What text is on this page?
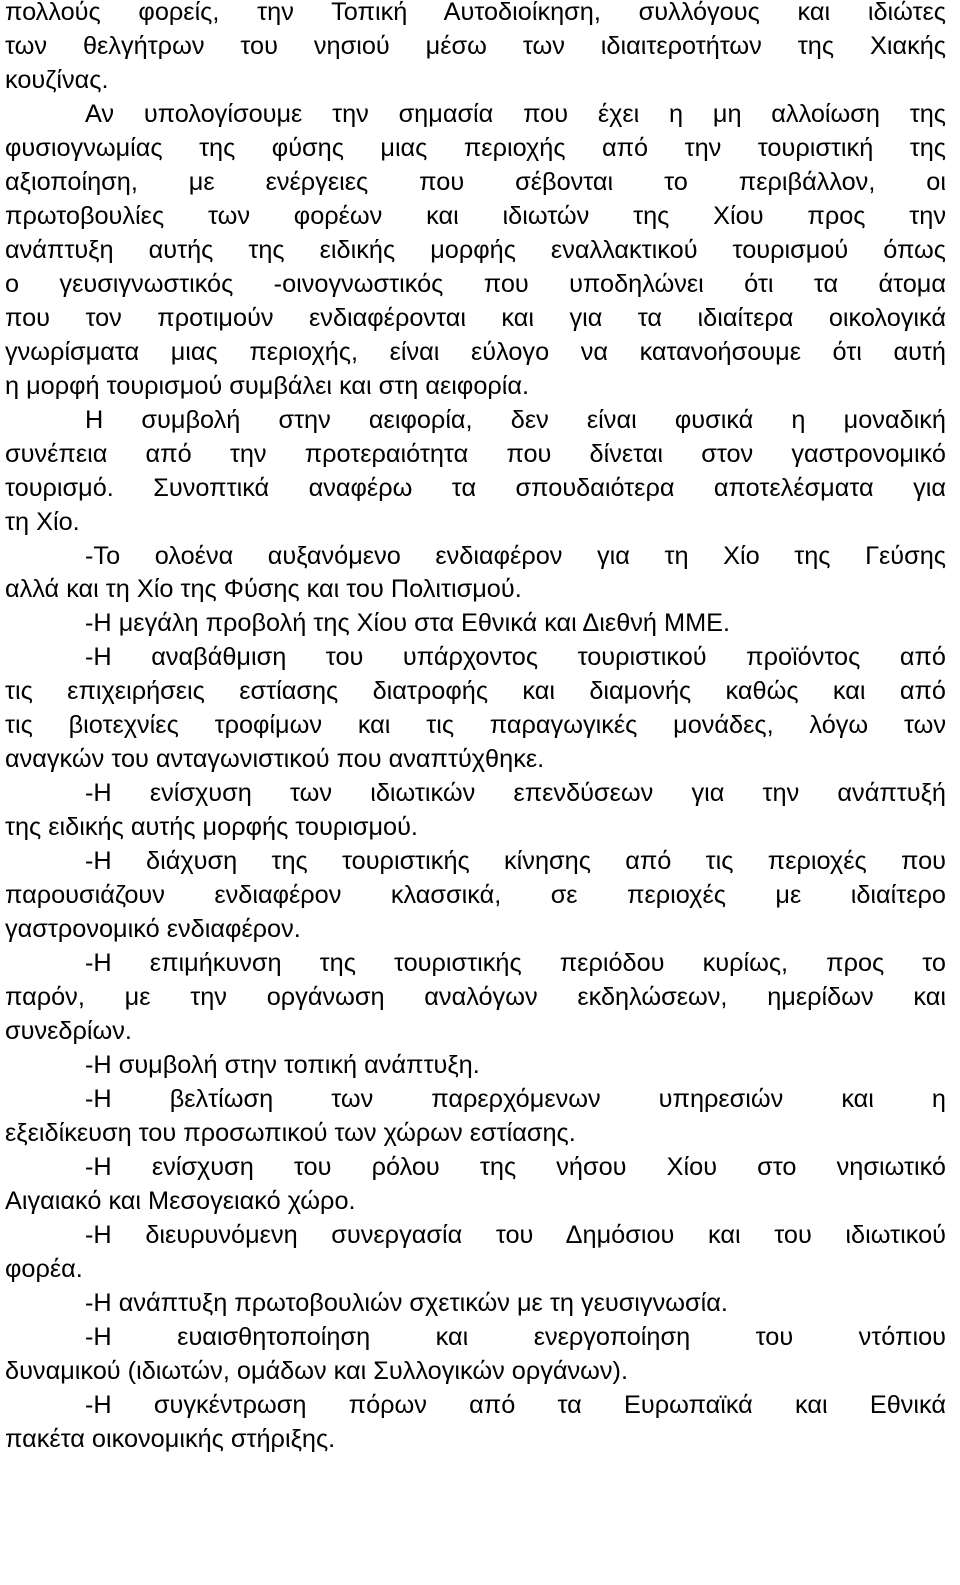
πολλούς φορείς, την Τοπική Αυτοδιοίκηση, συλλόγους και ιδιώτες
των θελγήτρων του νησιού μέσω των ιδιαιτεροτήτων της Χιακής
κουζίνας.
Αν υπολογίσουμε την σημασία που έχει η μη αλλοίωση της
φυσιογνωμίας της φύσης μιας περιοχής από την τουριστική της
αξιοποίηση, με ενέργειες που σέβονται το περιβάλλον, οι
πρωτοβουλίες των φορέων και ιδιωτών της Χίου προς την
ανάπτυξη αυτής της ειδικής μορφής εναλλακτικού τουρισμού όπως
ο γευσιγνωστικός -οινογνωστικός που υποδηλώνει ότι τα άτομα
που τον προτιμούν ενδιαφέρονται και για τα ιδιαίτερα οικολογικά
γνωρίσματα μιας περιοχής, είναι εύλογο να κατανοήσουμε ότι αυτή
η μορφή τουρισμού συμβάλει και στη αειφορία.
Η συμβολή στην αειφορία, δεν είναι φυσικά η μοναδική
συνέπεια από την προτεραιότητα που δίνεται στον γαστρονομικό
τουρισμό. Συνοπτικά αναφέρω τα σπουδαιότερα αποτελέσματα για
τη Χίο.
-Το ολοένα αυξανόμενο ενδιαφέρον για τη Χίο της Γεύσης
αλλά και τη Χίο της Φύσης και του Πολιτισμού.
-Η μεγάλη προβολή της Χίου στα Εθνικά και Διεθνή ΜΜΕ.
-Η αναβάθμιση του υπάρχοντος τουριστικού προϊόντος από
τις επιχειρήσεις εστίασης διατροφής και διαμονής καθώς και από
τις βιοτεχνίες τροφίμων και τις παραγωγικές μονάδες, λόγω των
αναγκών του ανταγωνιστικού που αναπτύχθηκε.
-Η ενίσχυση των ιδιωτικών επενδύσεων για την ανάπτυξή
της ειδικής αυτής μορφής τουρισμού.
-Η διάχυση της τουριστικής κίνησης από τις περιοχές που
παρουσιάζουν ενδιαφέρον κλασσικά, σε περιοχές με ιδιαίτερο
γαστρονομικό ενδιαφέρον.
-Η επιμήκυνση της τουριστικής περιόδου κυρίως, προς το
παρόν, με την οργάνωση αναλόγων εκδηλώσεων, ημερίδων και
συνεδρίων.
-Η συμβολή στην τοπική ανάπτυξη.
-Η βελτίωση των παρερχόμενων υπηρεσιών και η
εξειδίκευση του προσωπικού των χώρων εστίασης.
-Η ενίσχυση του ρόλου της νήσου Χίου στο νησιωτικό
Αιγαιακό και Μεσογειακό χώρο.
-Η διευρυνόμενη συνεργασία του Δημόσιου και του ιδιωτικού
φορέα.
-Η ανάπτυξη πρωτοβουλιών σχετικών με τη γευσιγνωσία.
-Η ευαισθητοποίηση και ενεργοποίηση του ντόπιου
δυναμικού (ιδιωτών, ομάδων και Συλλογικών οργάνων).
-Η συγκέντρωση πόρων από τα Ευρωπαϊκά και Εθνικά
πακέτα οικονομικής στήριξης.
